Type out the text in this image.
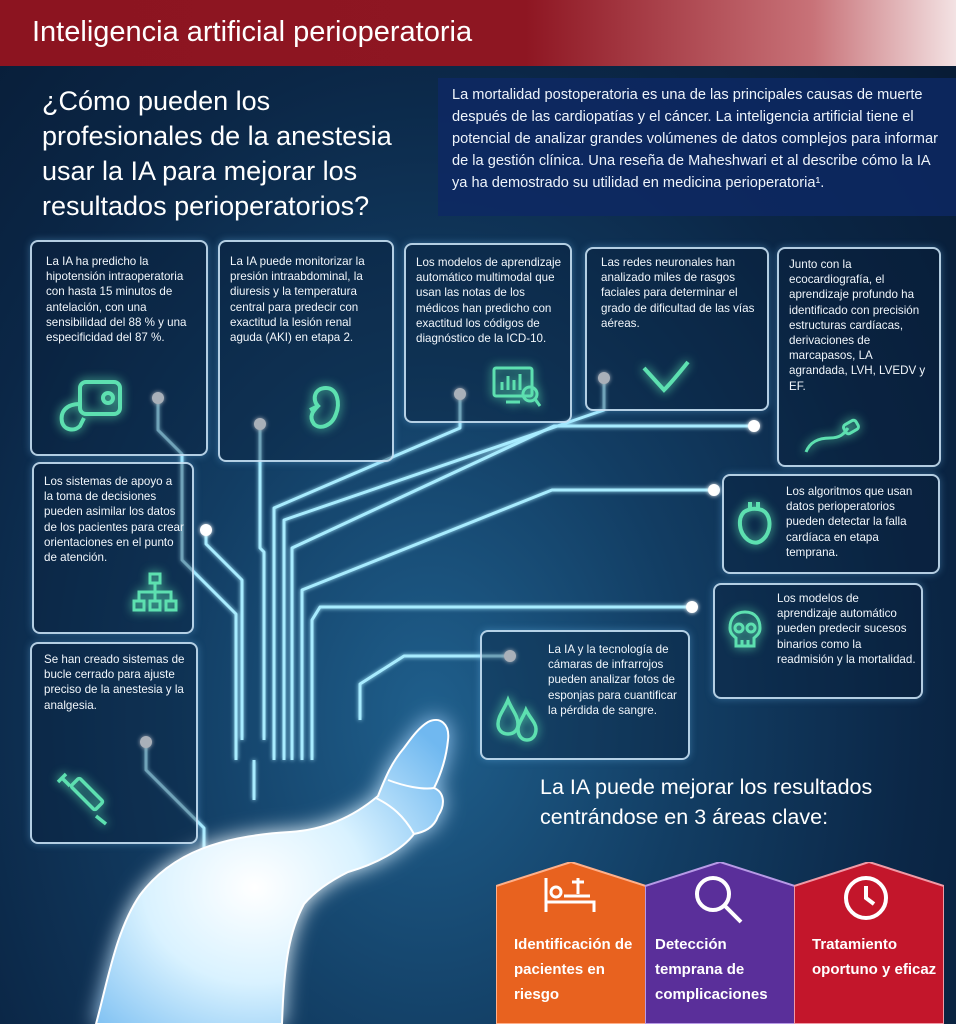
Inteligencia artificial perioperatoria
¿Cómo pueden los profesionales de la anestesia usar la IA para mejorar los resultados perioperatorios?

La mortalidad postoperatoria es una de las principales causas de muerte después de las cardiopatías y el cáncer. La inteligencia artificial tiene el potencial de analizar grandes volúmenes de datos complejos para informar de la gestión clínica. Una reseña de Maheshwari et al describe cómo la IA ya ha demostrado su utilidad en medicina perioperatoria¹.

La IA ha predicho la hipotensión intraoperatoria con hasta 15 minutos de antelación, con una sensibilidad del 88 % y una especificidad del 87 %.

La IA puede monitorizar la presión intraabdominal, la diuresis y la temperatura central para predecir con exactitud la lesión renal aguda (AKI) en etapa 2.

Los modelos de aprendizaje automático multimodal que usan las notas de los médicos han predicho con exactitud los códigos de diagnóstico de la ICD-10.

Las redes neuronales han analizado miles de rasgos faciales para determinar el grado de dificultad de las vías aéreas.

Junto con la ecocardiografía, el aprendizaje profundo ha identificado con precisión estructuras cardíacas, derivaciones de marcapasos, LA agrandada, LVH, LVEDV y EF.

Los sistemas de apoyo a la toma de decisiones pueden asimilar los datos de los pacientes para crear orientaciones en el punto de atención.

Los algoritmos que usan datos perioperatorios pueden detectar la falla cardíaca en etapa temprana.

Los modelos de aprendizaje automático pueden predecir sucesos binarios como la readmisión y la mortalidad.

Se han creado sistemas de bucle cerrado para ajuste preciso de la anestesia y la analgesia.

La IA y la tecnología de cámaras de infrarrojos pueden analizar fotos de esponjas para cuantificar la pérdida de sangre.

La IA puede mejorar los resultados centrándose en 3 áreas clave:
Identificación de pacientes en riesgo
Detección temprana de complicaciones
Tratamiento oportuno y eficaz
